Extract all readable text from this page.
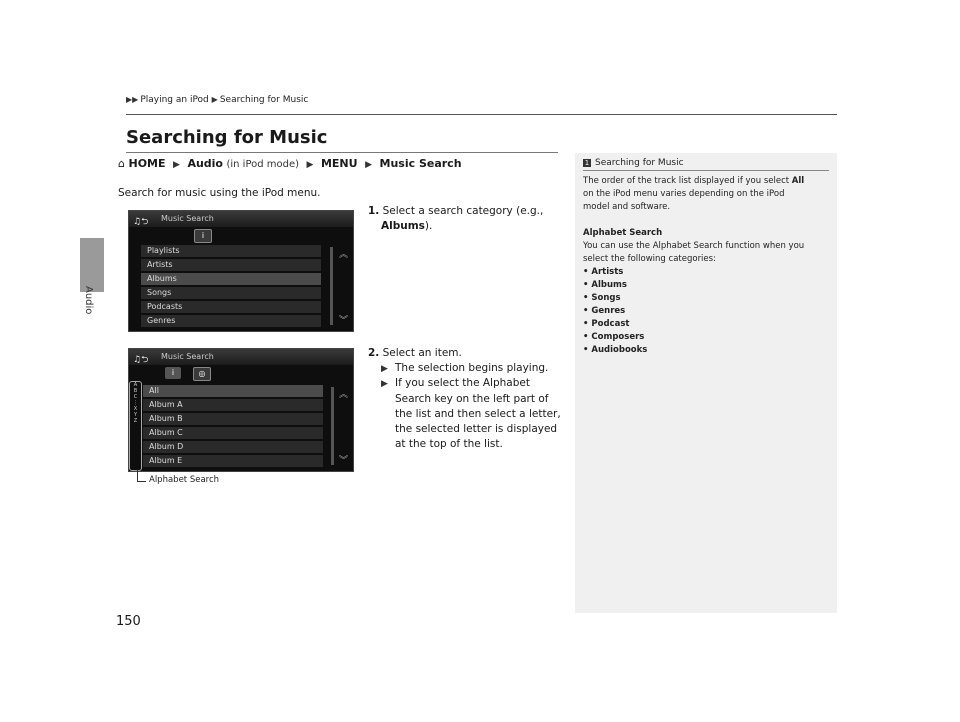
Audio
▶▶ Playing an iPod ▶ Searching for Music
Searching for Music
⌂ HOME ▶ Audio (in iPod mode) ▶ MENU ▶ Music Search
Search for music using the iPod menu.
♫⮌ Music Search
i
Playlists
Artists
Albums
Songs
Podcasts
Genres
︽
︾
1. Select a search category (e.g.,
Albums).
♫⮌ Music Search
i	◎
A
B
C
⋮
X
Y
Z
All
Album A
Album B
Album C
Album D
Album E
︽
︾
Alphabet Search
2. Select an item.
▶ The selection begins playing.
▶ If you select the Alphabet
Search key on the left part of
the list and then select a letter,
the selected letter is displayed
at the top of the list.
1 Searching for Music
The order of the track list displayed if you select All
on the iPod menu varies depending on the iPod
model and software.

Alphabet Search
You can use the Alphabet Search function when you
select the following categories:
• Artists
• Albums
• Songs
• Genres
• Podcast
• Composers
• Audiobooks
150
